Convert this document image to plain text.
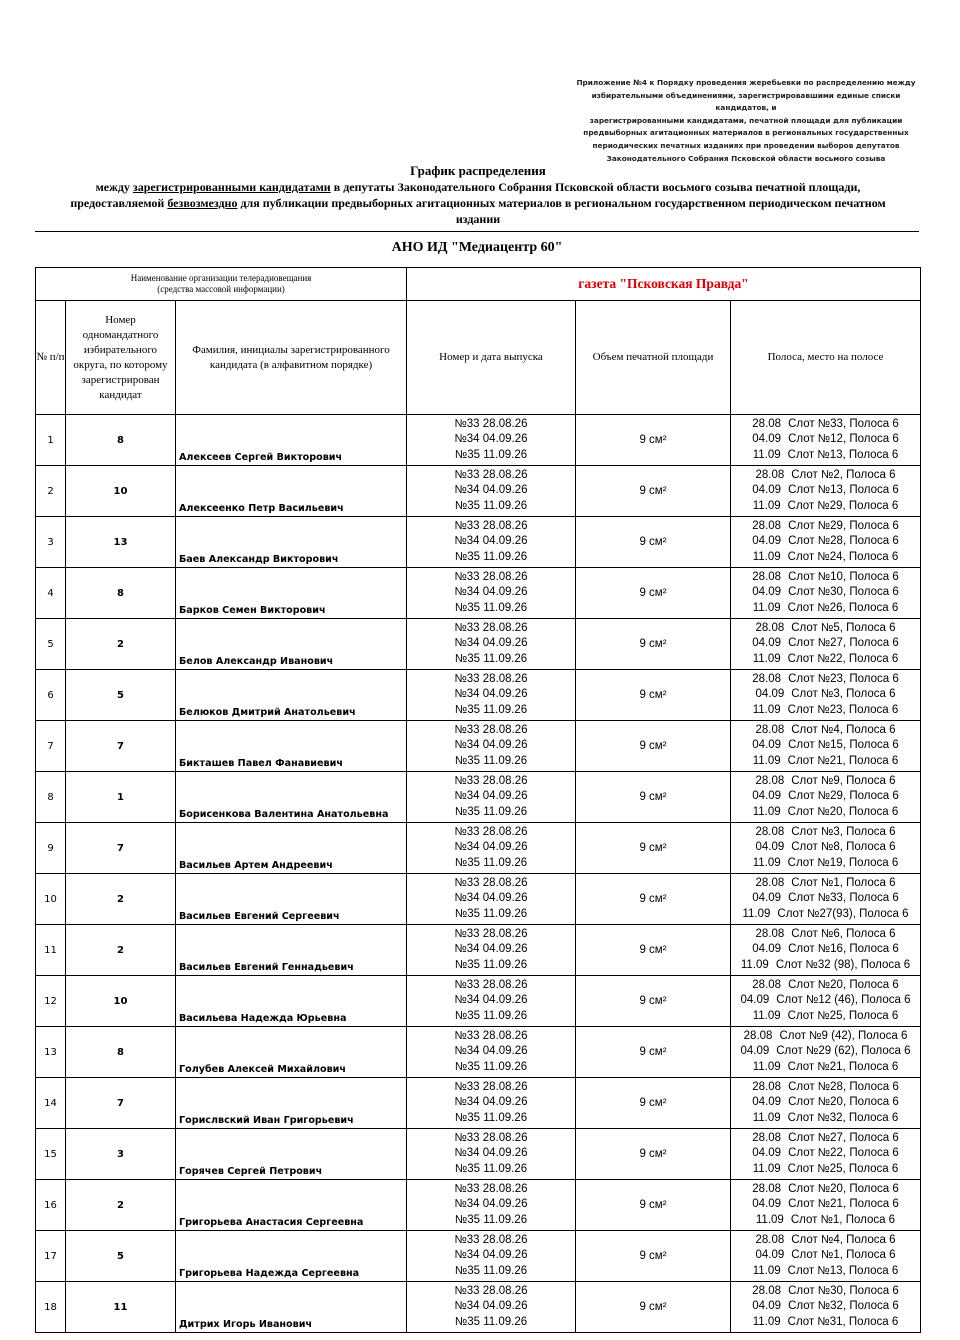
Приложение №4 к Порядку проведения жеребьевки по распределению между
избирательными объединениями, зарегистрировавшими единые списки кандидатов, и
зарегистрированными кандидатами, печатной площади для публикации
предвыборных агитационных материалов в региональных государственных
периодических печатных изданиях при проведении выборов депутатов
Законодательного Собрания Псковской области восьмого созыва
График распределения
между зарегистрированными кандидатами в депутаты Законодательного Собрания Псковской области восьмого созыва печатной площади,
предоставляемой безвозмездно для публикации предвыборных агитационных материалов в региональном государственном периодическом печатном
издании
АНО ИД "Медиацентр 60"
Наименование организации телерадиовещания
(средства массовой информации)			газета "Псковская Правда"		
№ п/п	Номер одномандатного избирательного округа, по которому зарегистрирован кандидат	Фамилия, инициалы зарегистрированного кандидата (в алфавитном порядке)	Номер и дата выпуска	Объем печатной площади	Полоса, место на полосе
1	8	Алексеев Сергей Викторович	№33 28.08.26
№34 04.09.26
№35 11.09.26	9 см²	28.08 Слот №33, Полоса 6
04.09 Слот №12, Полоса 6
11.09 Слот №13, Полоса 6

2	10	Алексеенко Петр Васильевич	№33 28.08.26
№34 04.09.26
№35 11.09.26	9 см²	28.08 Слот №2, Полоса 6
04.09 Слот №13, Полоса 6
11.09 Слот №29, Полоса 6

3	13	Баев Александр Викторович	№33 28.08.26
№34 04.09.26
№35 11.09.26	9 см²	28.08 Слот №29, Полоса 6
04.09 Слот №28, Полоса 6
11.09 Слот №24, Полоса 6

4	8	Барков Семен Викторович	№33 28.08.26
№34 04.09.26
№35 11.09.26	9 см²	28.08 Слот №10, Полоса 6
04.09 Слот №30, Полоса 6
11.09 Слот №26, Полоса 6

5	2	Белов Александр Иванович	№33 28.08.26
№34 04.09.26
№35 11.09.26	9 см²	28.08 Слот №5, Полоса 6
04.09 Слот №27, Полоса 6
11.09 Слот №22, Полоса 6

6	5	Белюков Дмитрий Анатольевич	№33 28.08.26
№34 04.09.26
№35 11.09.26	9 см²	28.08 Слот №23, Полоса 6
04.09 Слот №3, Полоса 6
11.09 Слот №23, Полоса 6

7	7	Бикташев Павел Фанавиевич	№33 28.08.26
№34 04.09.26
№35 11.09.26	9 см²	28.08 Слот №4, Полоса 6
04.09 Слот №15, Полоса 6
11.09 Слот №21, Полоса 6

8	1	Борисенкова Валентина Анатольевна	№33 28.08.26
№34 04.09.26
№35 11.09.26	9 см²	28.08 Слот №9, Полоса 6
04.09 Слот №29, Полоса 6
11.09 Слот №20, Полоса 6

9	7	Васильев Артем Андреевич	№33 28.08.26
№34 04.09.26
№35 11.09.26	9 см²	28.08 Слот №3, Полоса 6
04.09 Слот №8, Полоса 6
11.09 Слот №19, Полоса 6

10	2	Васильев Евгений Сергеевич	№33 28.08.26
№34 04.09.26
№35 11.09.26	9 см²	28.08 Слот №1, Полоса 6
04.09 Слот №33, Полоса 6
11.09 Слот №27(93), Полоса 6

11	2	Васильев Евгений Геннадьевич	№33 28.08.26
№34 04.09.26
№35 11.09.26	9 см²	28.08 Слот №6, Полоса 6
04.09 Слот №16, Полоса 6
11.09 Слот №32 (98), Полоса 6

12	10	Васильева Надежда Юрьевна	№33 28.08.26
№34 04.09.26
№35 11.09.26	9 см²	28.08 Слот №20, Полоса 6
04.09 Слот №12 (46), Полоса 6
11.09 Слот №25, Полоса 6

13	8	Голубев Алексей Михайлович	№33 28.08.26
№34 04.09.26
№35 11.09.26	9 см²	28.08 Слот №9 (42), Полоса 6
04.09 Слот №29 (62), Полоса 6
11.09 Слот №21, Полоса 6

14	7	Горислвский Иван Григорьевич	№33 28.08.26
№34 04.09.26
№35 11.09.26	9 см²	28.08 Слот №28, Полоса 6
04.09 Слот №20, Полоса 6
11.09 Слот №32, Полоса 6

15	3	Горячев Сергей Петрович	№33 28.08.26
№34 04.09.26
№35 11.09.26	9 см²	28.08 Слот №27, Полоса 6
04.09 Слот №22, Полоса 6
11.09 Слот №25, Полоса 6

16	2	Григорьева Анастасия Сергеевна	№33 28.08.26
№34 04.09.26
№35 11.09.26	9 см²	28.08 Слот №20, Полоса 6
04.09 Слот №21, Полоса 6
11.09 Слот №1, Полоса 6

17	5	Григорьева Надежда Сергеевна	№33 28.08.26
№34 04.09.26
№35 11.09.26	9 см²	28.08 Слот №4, Полоса 6
04.09 Слот №1, Полоса 6
11.09 Слот №13, Полоса 6

18	11	Дитрих Игорь Иванович	№33 28.08.26
№34 04.09.26
№35 11.09.26	9 см²	28.08 Слот №30, Полоса 6
04.09 Слот №32, Полоса 6
11.09 Слот №31, Полоса 6
